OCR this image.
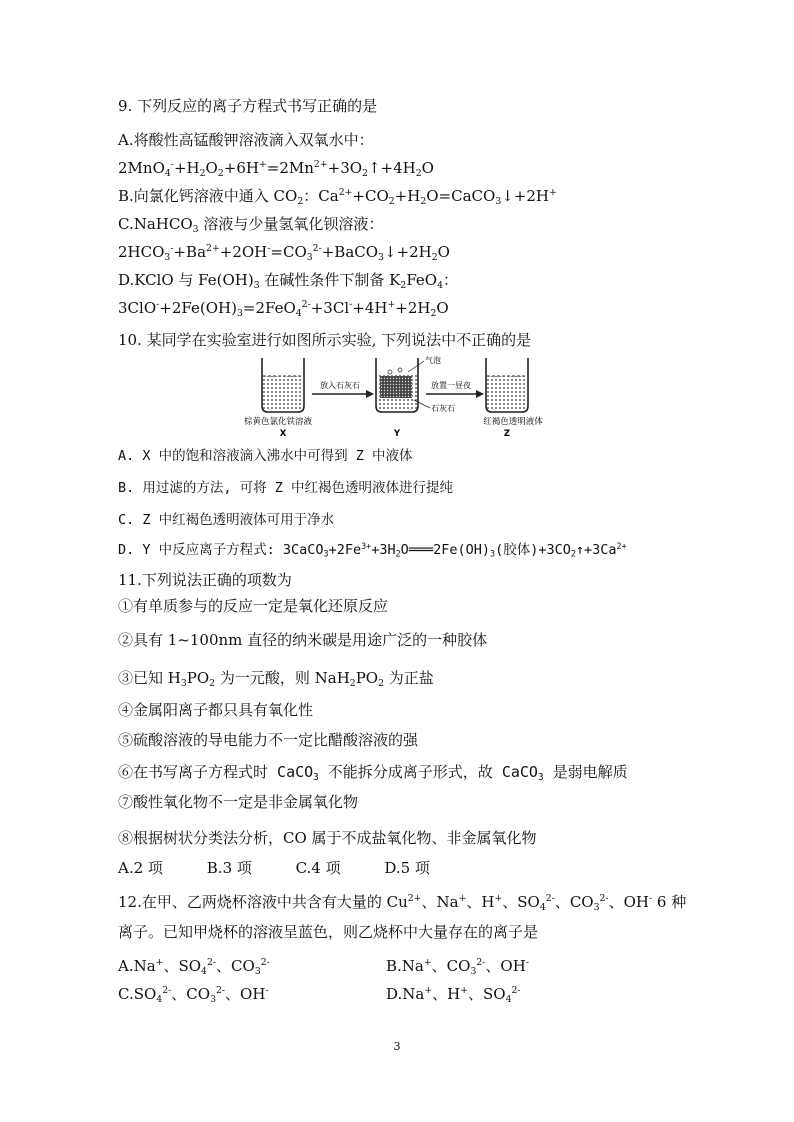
9. 下列反应的离子方程式书写正确的是
A.将酸性高锰酸钾溶液滴入双氧水中：
$2MnO_4^-+H_2O_2+6H^+=2Mn^{2+}+3O_2↑+4H_2O$
B.向氯化钙溶液中通入 $CO_2$：$Ca^{2+}+CO_2+H_2O=CaCO_3↓+2H^+$
C.NaHCO$_3$ 溶液与少量氢氧化钡溶液：
$2HCO_3^-+Ba^{2+}+2OH^-=CO_3^{2-}+BaCO_3↓+2H_2O$
D.KClO 与 $Fe(OH)_3$ 在碱性条件下制备 $K_2FeO_4$：
$3ClO^-+2Fe(OH)_3=2FeO_4^{2-}+3Cl^-+4H^++2H_2O$
10. 某同学在实验室进行如图所示实验, 下列说法中不正确的是
放入石灰石
气泡
放置一昼夜
石灰石
棕黄色氯化铁溶液
X	Y
红褐色透明液体
Z
A. X 中的饱和溶液滴入沸水中可得到 Z 中液体
B. 用过滤的方法, 可将 Z 中红褐色透明液体进行提纯
C. Z 中红褐色透明液体可用于净水
D. Y 中反应离子方程式: $3CaCO_3+2Fe^{3+}+3H_2O═══2Fe(OH)_3$(胶体)$+3CO_2↑+3Ca^{2+}$
11.下列说法正确的项数为
①有单质参与的反应一定是氧化还原反应
②具有 1~100nm 直径的纳米碳是用途广泛的一种胶体
③已知 $H_3PO_2$ 为一元酸，则 $NaH_2PO_2$ 为正盐
④金属阳离子都只具有氧化性
⑤硫酸溶液的导电能力不一定比醋酸溶液的强
⑥在书写离子方程式时 CaCO$_3$ 不能拆分成离子形式，故 CaCO$_3$ 是弱电解质
⑦酸性氧化物不一定是非金属氧化物
⑧根据树状分类法分析，CO 属于不成盐氧化物、非金属氧化物
A.2 项	B.3 项	C.4 项	D.5 项
12.在甲、乙两烧杯溶液中共含有大量的 $Cu^{2+}$、Na+、H+、$SO_4^{2-}$、$CO_3^{2-}$、OH- 6 种
离子。已知甲烧杯的溶液呈蓝色，则乙烧杯中大量存在的离子是
A.Na+、$SO_4^{2-}$、$CO_3^{2-}$	B.Na+、$CO_3^{2-}$、OH-
$C.SO_4^{2-}$、$CO_3^{2-}$、OH-	D.Na+、H+、$SO_4^{2-}$
3
